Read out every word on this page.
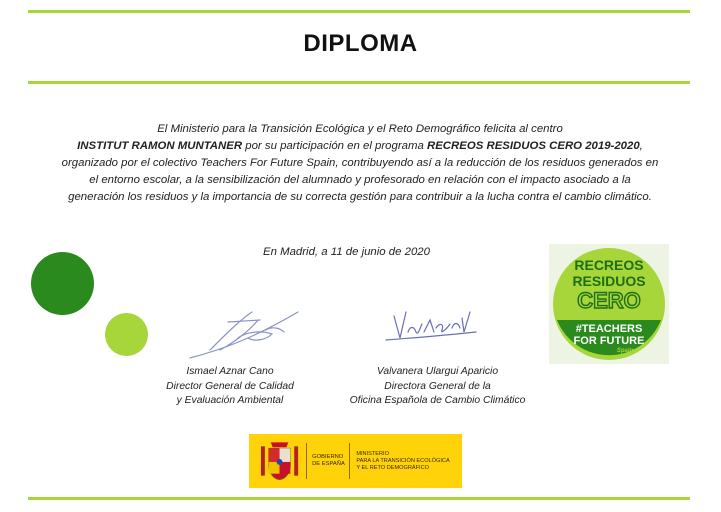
DIPLOMA
El Ministerio para la Transición Ecológica y el Reto Demográfico felicita al centro
INSTITUT RAMON MUNTANER por su participación en el programa RECREOS RESIDUOS CERO 2019-2020, organizado por el colectivo Teachers For Future Spain, contribuyendo así a la reducción de los residuos generados en el entorno escolar, a la sensibilización del alumnado y profesorado en relación con el impacto asociado a la generación los residuos y la importancia de su correcta gestión para contribuir a la lucha contra el cambio climático.
En Madrid, a 11 de junio de 2020
Ismael Aznar Cano
Director General de Calidad
y Evaluación Ambiental
Valvanera Ulargui Aparicio
Directora General de la
Oficina Española de Cambio Climático
RECREOS
RESIDUOS
CERO
#TEACHERS
FOR FUTURE
Spain
GOBIERNO
DE ESPAÑA
MINISTERIO
PARA LA TRANSICIÓN ECOLÓGICA
Y EL RETO DEMOGRÁFICO
